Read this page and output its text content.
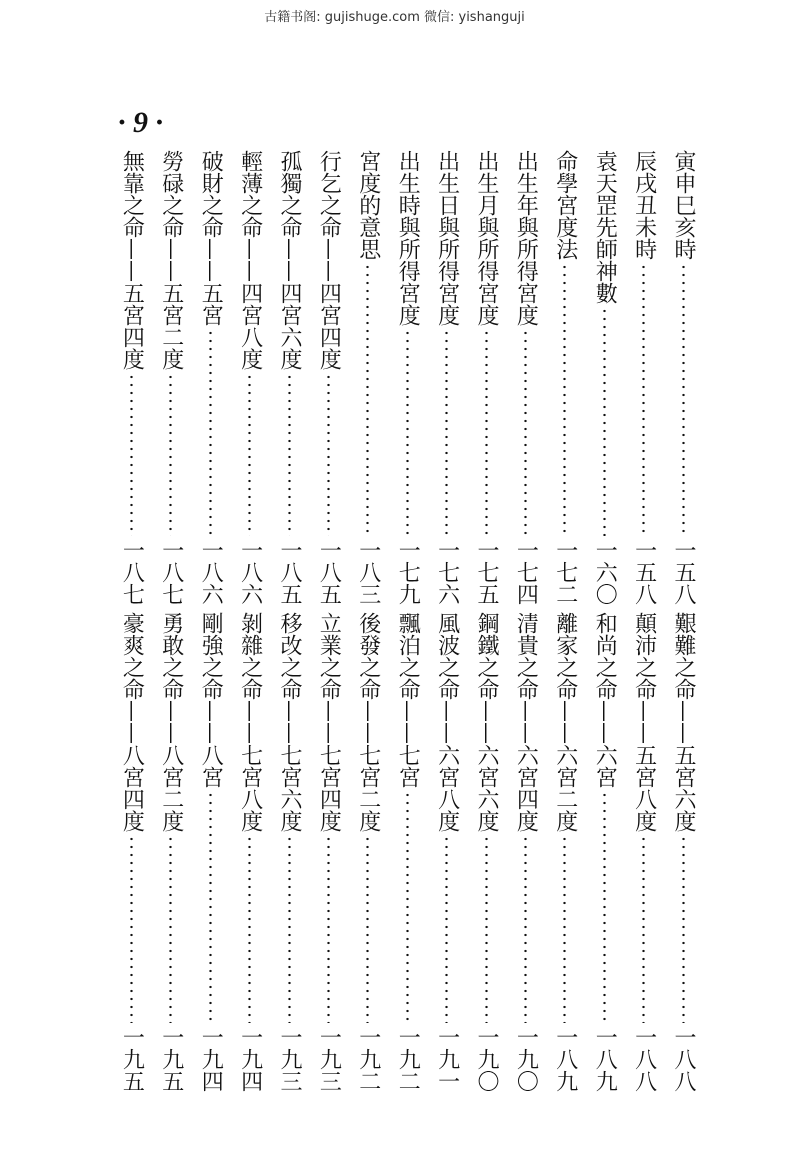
古籍书阁: gujishuge.com 微信: yishanguji
· 9 ·
寅申巳亥時
一五八
辰戌丑未時
一五八
袁天罡先師神數
一六〇
命學宮度法
一七二
出生年與所得宮度
一七四
出生月與所得宮度
一七五
出生日與所得宮度
一七六
出生時與所得宮度
一七九
宮度的意思
一八三
行乞之命——四宮四度
一八五
孤獨之命——四宮六度
一八五
輕薄之命——四宮八度
一八六
破財之命——五宮
一八六
勞碌之命——五宮二度
一八七
無靠之命——五宮四度
一八七
艱難之命——五宮六度
一八八
顛沛之命——五宮八度
一八八
和尚之命——六宮
一八九
離家之命——六宮二度
一八九
清貴之命——六宮四度
一九〇
鋼鐵之命——六宮六度
一九〇
風波之命——六宮八度
一九一
飄泊之命——七宮
一九二
後發之命——七宮二度
一九二
立業之命——七宮四度
一九三
移改之命——七宮六度
一九三
剝雜之命——七宮八度
一九四
剛強之命——八宮
一九四
勇敢之命——八宮二度
一九五
豪爽之命——八宮四度
一九五
